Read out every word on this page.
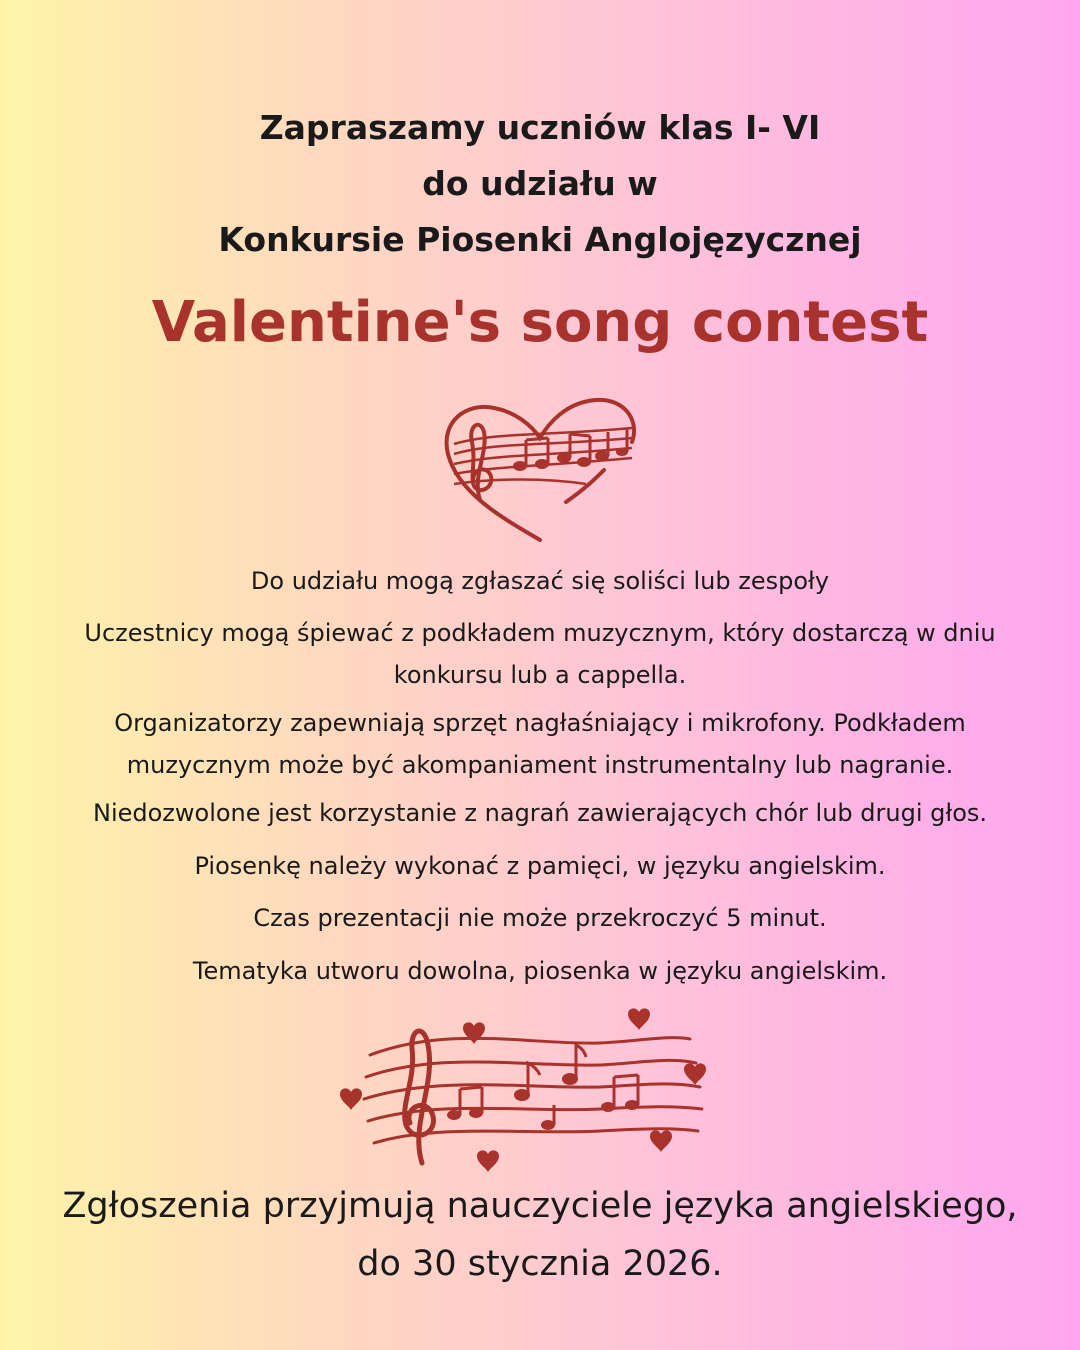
Zapraszamy uczniów klas I- VI
do udziału w
Konkursie Piosenki Anglojęzycznej
Valentine's song contest
Do udziału mogą zgłaszać się soliści lub zespoły
Uczestnicy mogą śpiewać z podkładem muzycznym, który dostarczą w dniu konkursu lub a cappella.
Organizatorzy zapewniają sprzęt nagłaśniający i mikrofony. Podkładem muzycznym może być akompaniament instrumentalny lub nagranie.
Niedozwolone jest korzystanie z nagrań zawierających chór lub drugi głos.
Piosenkę należy wykonać z pamięci, w języku angielskim.
Czas prezentacji nie może przekroczyć 5 minut.
Tematyka utworu dowolna, piosenka w języku angielskim.
Zgłoszenia przyjmują nauczyciele języka angielskiego,
do 30 stycznia 2026.
